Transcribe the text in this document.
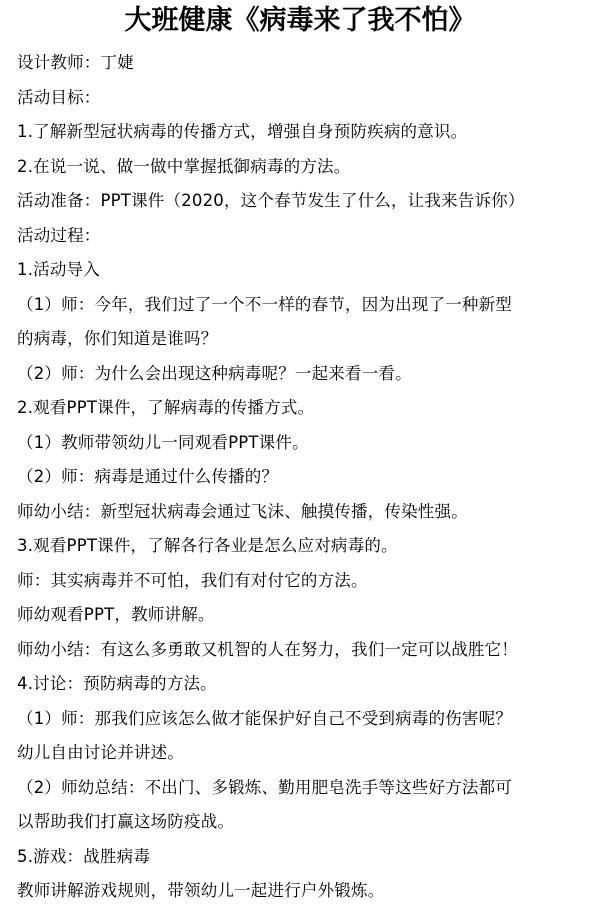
大班健康《病毒来了我不怕》
设计教师：丁婕
活动目标：
1.了解新型冠状病毒的传播方式，增强自身预防疾病的意识。
2.在说一说、做一做中掌握抵御病毒的方法。
活动准备：PPT课件（2020，这个春节发生了什么，让我来告诉你）
活动过程：
1.活动导入
（1）师：今年，我们过了一个不一样的春节，因为出现了一种新型
的病毒，你们知道是谁吗？
（2）师：为什么会出现这种病毒呢？一起来看一看。
2.观看PPT课件，了解病毒的传播方式。
（1）教师带领幼儿一同观看PPT课件。
（2）师：病毒是通过什么传播的？
师幼小结：新型冠状病毒会通过飞沫、触摸传播，传染性强。
3.观看PPT课件，了解各行各业是怎么应对病毒的。
师：其实病毒并不可怕，我们有对付它的方法。
师幼观看PPT，教师讲解。
师幼小结：有这么多勇敢又机智的人在努力，我们一定可以战胜它！
4.讨论：预防病毒的方法。
（1）师：那我们应该怎么做才能保护好自己不受到病毒的伤害呢？
幼儿自由讨论并讲述。
（2）师幼总结：不出门、多锻炼、勤用肥皂洗手等这些好方法都可
以帮助我们打赢这场防疫战。
5.游戏：战胜病毒
教师讲解游戏规则，带领幼儿一起进行户外锻炼。
